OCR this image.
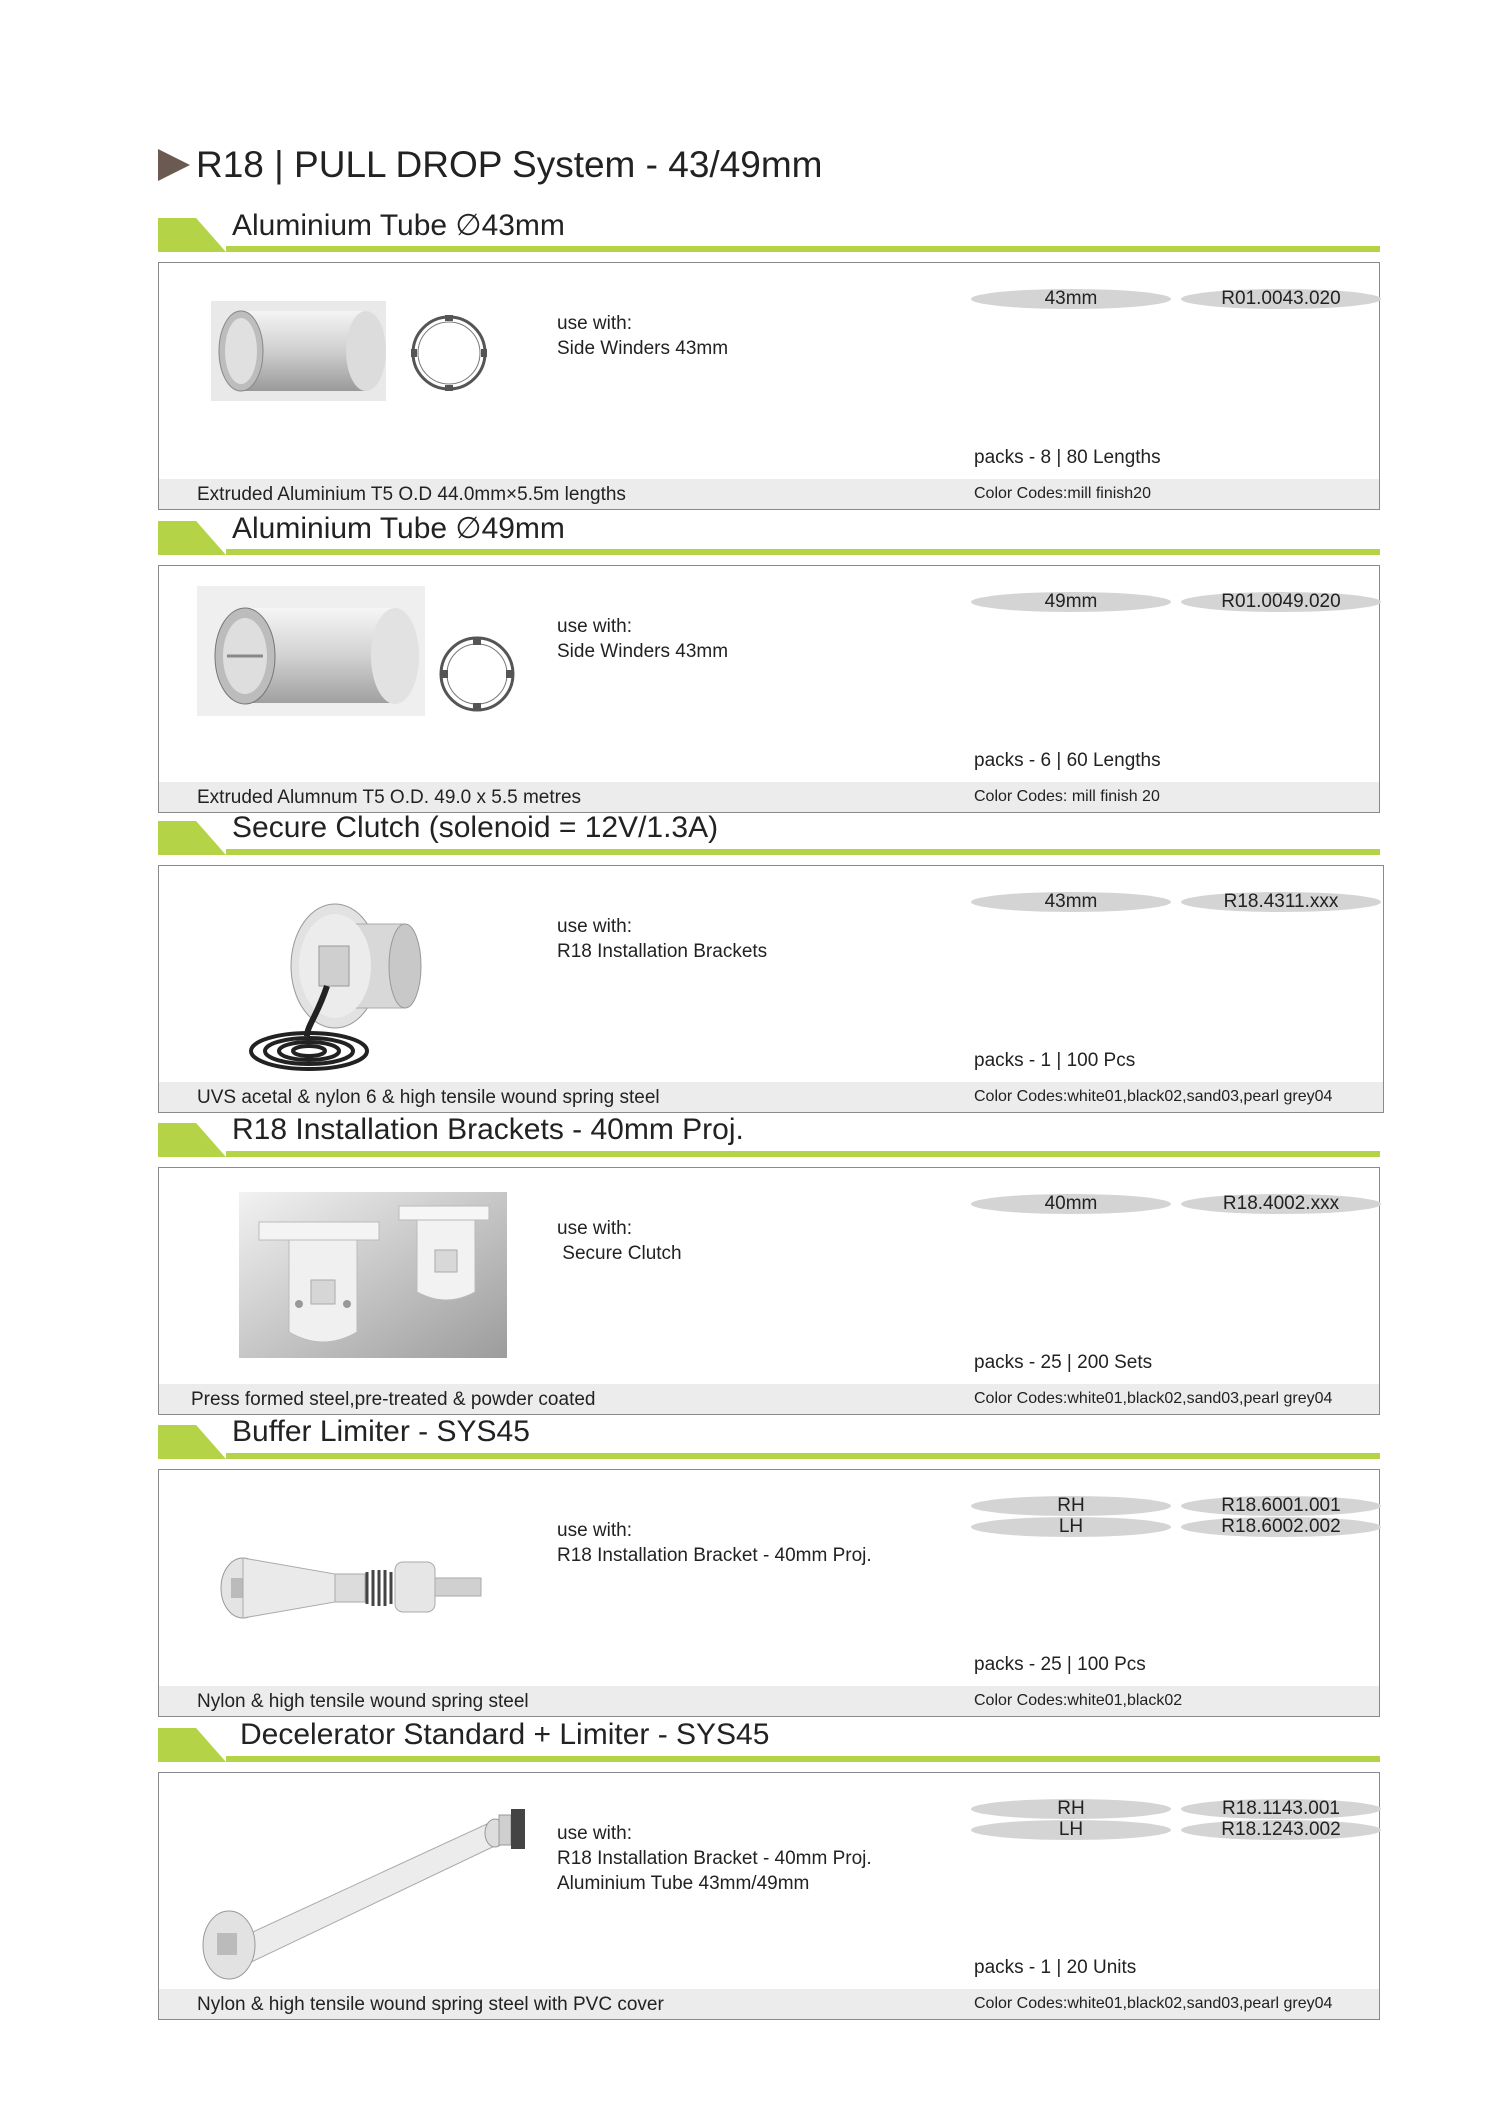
R18 | PULL DROP System - 43/49mm
Aluminium Tube ∅43mm
use with:
Side Winders 43mm
43mm	R01.0043.020
packs - 8 | 80 Lengths
Extruded Aluminium T5 O.D 44.0mm×5.5m lengths	Color Codes:mill finish20
Aluminium Tube ∅49mm
use with:
Side Winders 43mm
49mm	R01.0049.020
packs - 6 | 60 Lengths
Extruded Alumnum T5 O.D. 49.0 x 5.5 metres	Color Codes: mill finish 20
Secure Clutch (solenoid = 12V/1.3A)
use with:
R18 Installation Brackets
43mm	R18.4311.xxx
packs - 1 | 100 Pcs
UVS acetal & nylon 6 & high tensile wound spring steel	Color Codes:white01,black02,sand03,pearl grey04
R18 Installation Brackets - 40mm Proj.
use with:
Secure Clutch
40mm	R18.4002.xxx
packs - 25 | 200 Sets
Press formed steel,pre-treated & powder coated	Color Codes:white01,black02,sand03,pearl grey04
Buffer Limiter - SYS45
use with:
R18 Installation Bracket - 40mm Proj.
RH	R18.6001.001
LH	R18.6002.002
packs - 25 | 100 Pcs
Nylon & high tensile wound spring steel	Color Codes:white01,black02
Decelerator Standard + Limiter - SYS45
use with:
R18 Installation Bracket - 40mm Proj.
Aluminium Tube 43mm/49mm
RH	R18.1143.001
LH	R18.1243.002
packs - 1 | 20 Units
Nylon & high tensile wound spring steel with PVC cover	Color Codes:white01,black02,sand03,pearl grey04
